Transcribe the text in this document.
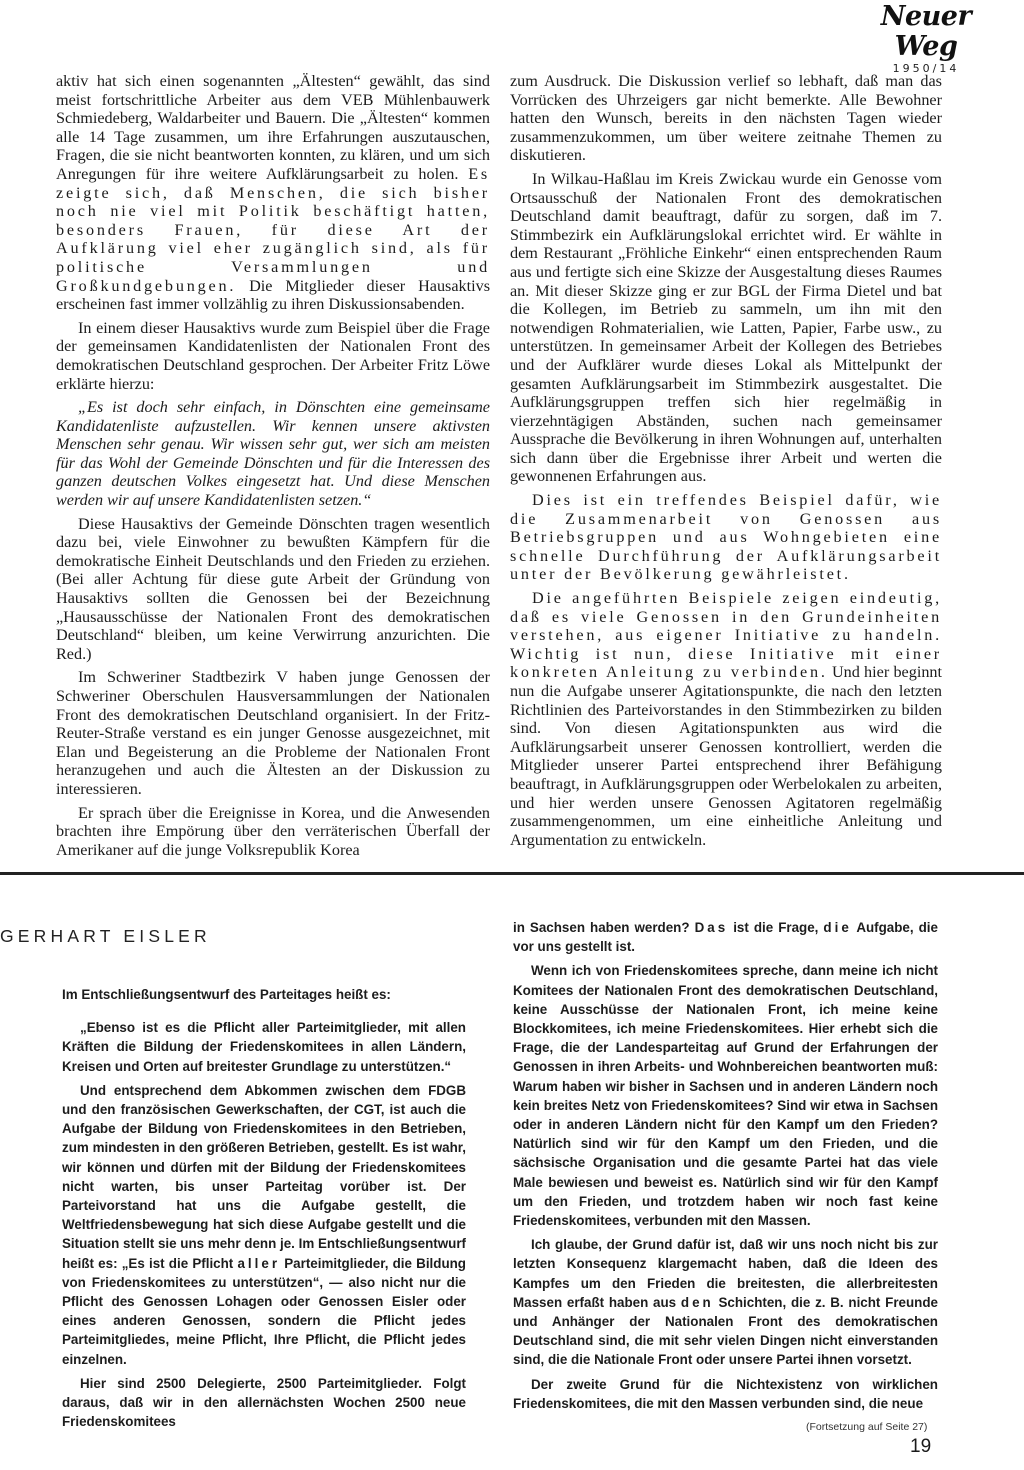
Neuer Weg
1950/14

aktiv hat sich einen sogenannten „Ältesten“ gewählt, das sind meist fortschrittliche Arbeiter aus dem VEB Mühlenbauwerk Schmiedeberg, Waldarbeiter und Bauern. Die „Ältesten“ kommen alle 14 Tage zusammen, um ihre Erfahrungen auszutauschen, Fragen, die sie nicht beantworten konnten, zu klären, und um sich Anregungen für ihre weitere Aufklärungsarbeit zu holen. Es zeigte sich, daß Menschen, die sich bisher noch nie viel mit Politik beschäftigt hatten, besonders Frauen, für diese Art der Aufklärung viel eher zugänglich sind, als für politische Versammlungen und Großkundgebungen. Die Mitglieder dieser Hausaktivs erscheinen fast immer vollzählig zu ihren Diskussionsabenden.

In einem dieser Hausaktivs wurde zum Beispiel über die Frage der gemeinsamen Kandidatenlisten der Nationalen Front des demokratischen Deutschland gesprochen. Der Arbeiter Fritz Löwe erklärte hierzu:

„Es ist doch sehr einfach, in Dönschten eine gemeinsame Kandidatenliste aufzustellen. Wir kennen unsere aktivsten Menschen sehr genau. Wir wissen sehr gut, wer sich am meisten für das Wohl der Gemeinde Dönschten und für die Interessen des ganzen deutschen Volkes eingesetzt hat. Und diese Menschen werden wir auf unsere Kandidatenlisten setzen.“

Diese Hausaktivs der Gemeinde Dönschten tragen wesentlich dazu bei, viele Einwohner zu bewußten Kämpfern für die demokratische Einheit Deutschlands und den Frieden zu erziehen. (Bei aller Achtung für diese gute Arbeit der Gründung von Hausaktivs sollten die Genossen bei der Bezeichnung „Hausausschüsse der Nationalen Front des demokratischen Deutschland“ bleiben, um keine Verwirrung anzurichten. Die Red.)

Im Schweriner Stadtbezirk V haben junge Genossen der Schweriner Oberschulen Hausversammlungen der Nationalen Front des demokratischen Deutschland organisiert. In der Fritz-Reuter-Straße verstand es ein junger Genosse ausgezeichnet, mit Elan und Begeisterung an die Probleme der Nationalen Front heranzugehen und auch die Ältesten an der Diskussion zu interessieren.

Er sprach über die Ereignisse in Korea, und die Anwesenden brachten ihre Empörung über den verräterischen Überfall der Amerikaner auf die junge Volksrepublik Korea

zum Ausdruck. Die Diskussion verlief so lebhaft, daß man das Vorrücken des Uhrzeigers gar nicht bemerkte. Alle Bewohner hatten den Wunsch, bereits in den nächsten Tagen wieder zusammenzukommen, um über weitere zeitnahe Themen zu diskutieren.

In Wilkau-Haßlau im Kreis Zwickau wurde ein Genosse vom Ortsausschuß der Nationalen Front des demokratischen Deutschland damit beauftragt, dafür zu sorgen, daß im 7. Stimmbezirk ein Aufklärungslokal errichtet wird. Er wählte in dem Restaurant „Fröhliche Einkehr“ einen entsprechenden Raum aus und fertigte sich eine Skizze der Ausgestaltung dieses Raumes an. Mit dieser Skizze ging er zur BGL der Firma Dietel und bat die Kollegen, im Betrieb zu sammeln, um ihn mit den notwendigen Rohmaterialien, wie Latten, Papier, Farbe usw., zu unterstützen. In gemeinsamer Arbeit der Kollegen des Betriebes und der Aufklärer wurde dieses Lokal als Mittelpunkt der gesamten Aufklärungsarbeit im Stimmbezirk ausgestaltet. Die Aufklärungsgruppen treffen sich hier regelmäßig in vierzehntägigen Abständen, suchen nach gemeinsamer Aussprache die Bevölkerung in ihren Wohnungen auf, unterhalten sich dann über die Ergebnisse ihrer Arbeit und werten die gewonnenen Erfahrungen aus.

Dies ist ein treffendes Beispiel dafür, wie die Zusammenarbeit von Genossen aus Betriebsgruppen und aus Wohngebieten eine schnelle Durchführung der Aufklärungsarbeit unter der Bevölkerung gewährleistet.

Die angeführten Beispiele zeigen eindeutig, daß es viele Genossen in den Grundeinheiten verstehen, aus eigener Initiative zu handeln. Wichtig ist nun, diese Initiative mit einer konkreten Anleitung zu verbinden. Und hier beginnt nun die Aufgabe unserer Agitationspunkte, die nach den letzten Richtlinien des Parteivorstandes in den Stimmbezirken zu bilden sind. Von diesen Agitationspunkten aus wird die Aufklärungsarbeit unserer Genossen kontrolliert, werden die Mitglieder unserer Partei entsprechend ihrer Befähigung beauftragt, in Aufklärungsgruppen oder Werbelokalen zu arbeiten, und hier werden unsere Genossen Agitatoren regelmäßig zusammengenommen, um eine einheitliche Anleitung und Argumentation zu entwickeln.

GERHART EISLER

Im Entschließungsentwurf des Parteitages heißt es:

„Ebenso ist es die Pflicht aller Parteimitglieder, mit allen Kräften die Bildung der Friedenskomitees in allen Ländern, Kreisen und Orten auf breitester Grundlage zu unterstützen.“

Und entsprechend dem Abkommen zwischen dem FDGB und den französischen Gewerkschaften, der CGT, ist auch die Aufgabe der Bildung von Friedenskomitees in den Betrieben, zum mindesten in den größeren Betrieben, gestellt. Es ist wahr, wir können und dürfen mit der Bildung der Friedenskomitees nicht warten, bis unser Parteitag vorüber ist. Der Parteivorstand hat uns die Aufgabe gestellt, die Weltfriedensbewegung hat sich diese Aufgabe gestellt und die Situation stellt sie uns mehr denn je. Im Entschließungsentwurf heißt es: „Es ist die Pflicht aller Parteimitglieder, die Bildung von Friedenskomitees zu unterstützen“, — also nicht nur die Pflicht des Genossen Lohagen oder Genossen Eisler oder eines anderen Genossen, sondern die Pflicht jedes Parteimitgliedes, meine Pflicht, Ihre Pflicht, die Pflicht jedes einzelnen.

Hier sind 2500 Delegierte, 2500 Parteimitglieder. Folgt daraus, daß wir in den allernächsten Wochen 2500 neue Friedenskomitees

in Sachsen haben werden? Das ist die Frage, die Aufgabe, die vor uns gestellt ist.

Wenn ich von Friedenskomitees spreche, dann meine ich nicht Komitees der Nationalen Front des demokratischen Deutschland, keine Ausschüsse der Nationalen Front, ich meine keine Blockkomitees, ich meine Friedenskomitees. Hier erhebt sich die Frage, die der Landesparteitag auf Grund der Erfahrungen der Genossen in ihren Arbeits- und Wohnbereichen beantworten muß: Warum haben wir bisher in Sachsen und in anderen Ländern noch kein breites Netz von Friedenskomitees? Sind wir etwa in Sachsen oder in anderen Ländern nicht für den Kampf um den Frieden? Natürlich sind wir für den Kampf um den Frieden, und die sächsische Organisation und die gesamte Partei hat das viele Male bewiesen und beweist es. Natürlich sind wir für den Kampf um den Frieden, und trotzdem haben wir noch fast keine Friedenskomitees, verbunden mit den Massen.

Ich glaube, der Grund dafür ist, daß wir uns noch nicht bis zur letzten Konsequenz klargemacht haben, daß die Ideen des Kampfes um den Frieden die breitesten, die allerbreitesten Massen erfaßt haben aus den Schichten, die z. B. nicht Freunde und Anhänger der Nationalen Front des demokratischen Deutschland sind, die mit sehr vielen Dingen nicht einverstanden sind, die die Nationale Front oder unsere Partei ihnen vorsetzt.

Der zweite Grund für die Nichtexistenz von wirklichen Friedenskomitees, die mit den Massen verbunden sind, die neue

(Fortsetzung auf Seite 27)
19
